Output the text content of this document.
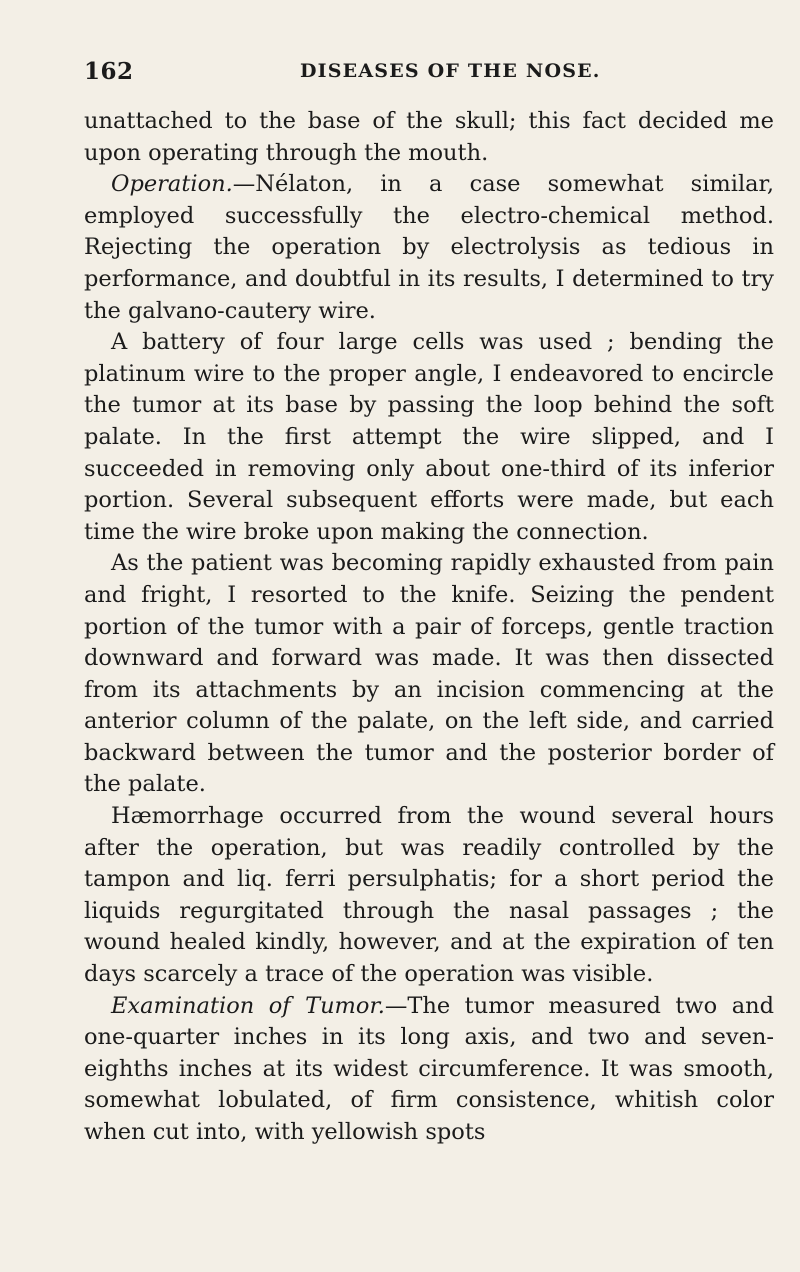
162	DISEASES OF THE NOSE.

unattached to the base of the skull; this fact decided me upon operating through the mouth.

Operation.—Nélaton, in a case somewhat similar, employed successfully the electro-chemical method. Rejecting the operation by electrolysis as tedious in performance, and doubtful in its results, I determined to try the galvano-cautery wire.

A battery of four large cells was used ; bending the platinum wire to the proper angle, I endeavored to encircle the tumor at its base by passing the loop behind the soft palate. In the first attempt the wire slipped, and I succeeded in removing only about one-third of its inferior portion. Several subsequent efforts were made, but each time the wire broke upon making the connection.

As the patient was becoming rapidly exhausted from pain and fright, I resorted to the knife. Seizing the pendent portion of the tumor with a pair of forceps, gentle traction downward and forward was made. It was then dissected from its attachments by an incision commencing at the anterior column of the palate, on the left side, and carried backward between the tumor and the posterior border of the palate.

Hæmorrhage occurred from the wound several hours after the operation, but was readily controlled by the tampon and liq. ferri persulphatis; for a short period the liquids regurgitated through the nasal passages ; the wound healed kindly, however, and at the expiration of ten days scarcely a trace of the operation was visible.

Examination of Tumor.—The tumor measured two and one-quarter inches in its long axis, and two and seven-eighths inches at its widest circumference. It was smooth, somewhat lobulated, of firm consistence, whitish color when cut into, with yellowish spots
